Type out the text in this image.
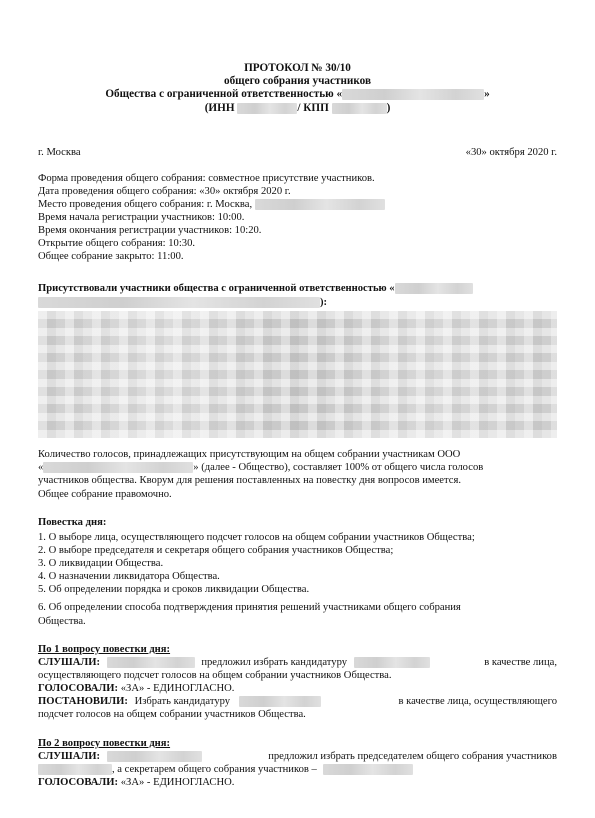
ПРОТОКОЛ № 30/10
общего собрания участников
Общества с ограниченной ответственностью «	»
(ИНН	/ КПП	)
г. Москва	«30» октября 2020 г.
Форма проведения общего собрания: совместное присутствие участников.
Дата проведения общего собрания: «30» октября 2020 г.
Место проведения общего собрания: г. Москва,
Время начала регистрации участников: 10:00.
Время окончания регистрации участников: 10:20.
Открытие общего собрания: 10:30.
Общее собрание закрыто: 11:00.
Присутствовали участники общества с ограниченной ответственностью «
):
Количество голосов, принадлежащих присутствующим на общем собрании участникам ООО
«	» (далее - Общество), составляет 100% от общего числа голосов
участников общества. Кворум для решения поставленных на повестку дня вопросов имеется.
Общее собрание правомочно.
Повестка дня:
1. О выборе лица, осуществляющего подсчет голосов на общем собрании участников Общества;
2. О выборе председателя и секретаря общего собрания участников Общества;
3. О ликвидации Общества.
4. О назначении ликвидатора Общества.
5. Об определении порядка и сроков ликвидации Общества.
6. Об определении способа подтверждения принятия решений участниками общего собрания
Общества.
По 1 вопросу повестки дня:
СЛУШАЛИ:	предложил избрать кандидатуру	в качестве лица,
осуществляющего подсчет голосов на общем собрании участников Общества.
ГОЛОСОВАЛИ: «ЗА» - ЕДИНОГЛАСНО.
ПОСТАНОВИЛИ: Избрать кандидатуру	в качестве лица, осуществляющего
подсчет голосов на общем собрании участников Общества.
По 2 вопросу повестки дня:
СЛУШАЛИ:	предложил избрать председателем общего собрания участников
, а секретарем общего собрания участников –
ГОЛОСОВАЛИ: «ЗА» - ЕДИНОГЛАСНО.
